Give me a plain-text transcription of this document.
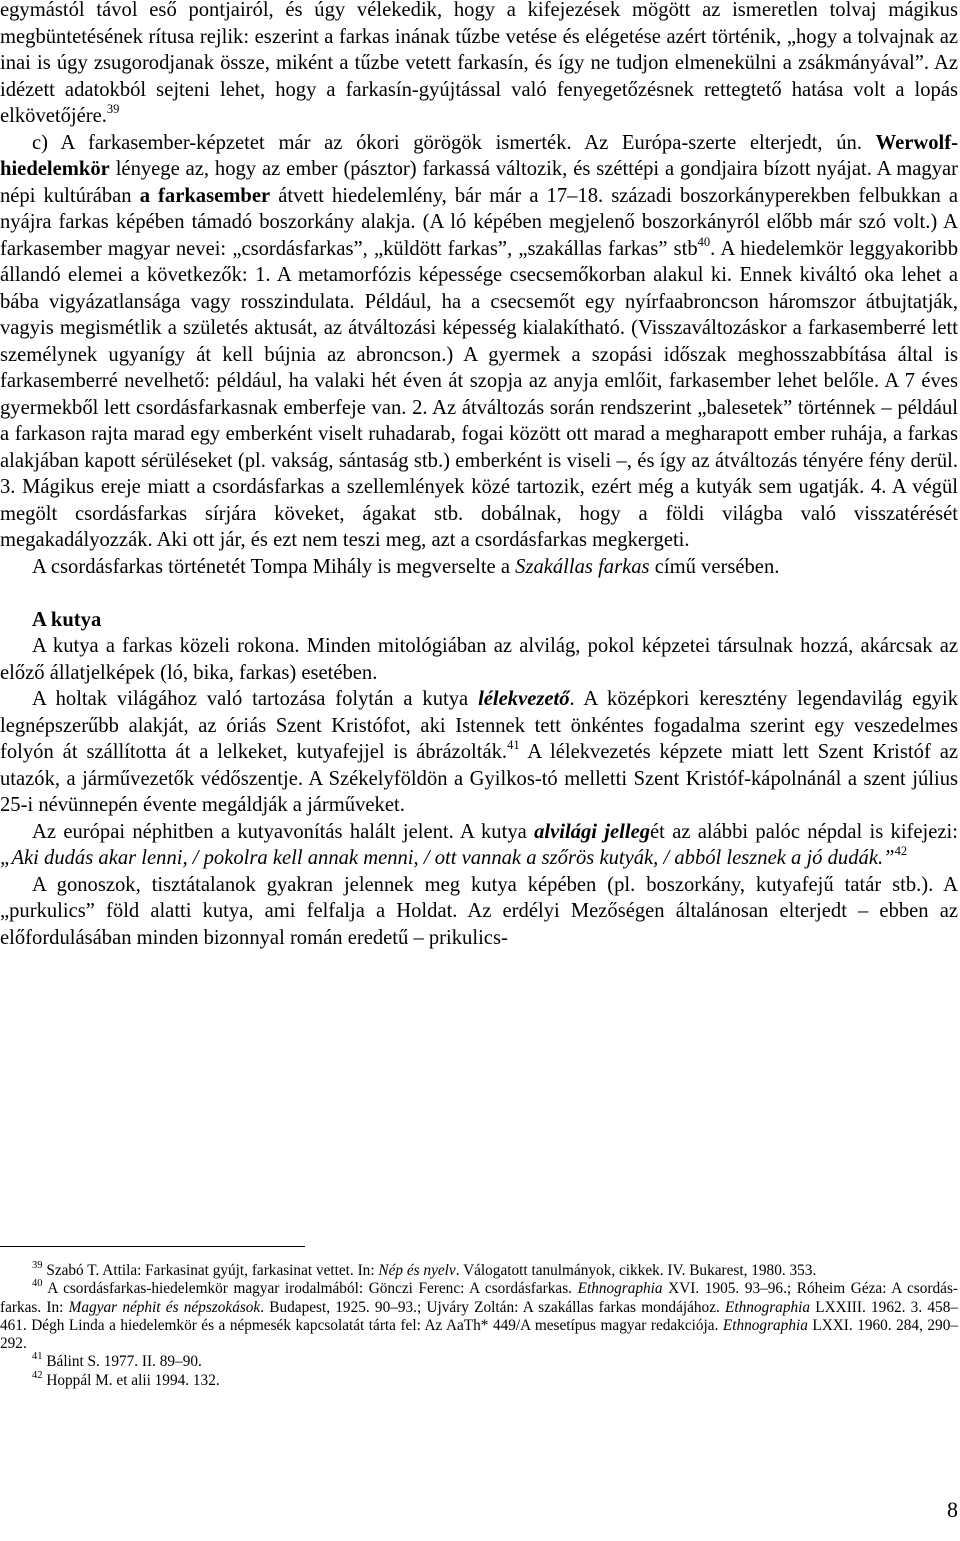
egymástól távol eső pontjairól, és úgy vélekedik, hogy a kifejezések mögött az ismeretlen tolvaj mágikus megbüntetésének rítusa rejlik: eszerint a farkas inának tűzbe vetése és elégetése azért történik, „hogy a tolvajnak az inai is úgy zsugorodjanak össze, miként a tűzbe vetett farkasín, és így ne tudjon elmenekülni a zsákmányával”. Az idézett adatokból sejteni lehet, hogy a farkasín-gyújtással való fenyegetőzésnek rettegtető hatása volt a lopás elkövetőjére.$^{39}$

c) A farkasember-képzetet már az ókori görögök ismerték. Az Európa-szerte elterjedt, ún. Werwolf-hiedelemkör lényege az, hogy az ember (pásztor) farkassá változik, és széttépi a gondjaira bízott nyájat. A magyar népi kultúrában a farkasember átvett hiedelemlény, bár már a 17–18. századi boszorkányperekben felbukkan a nyájra farkas képében támadó boszorkány alakja. (A ló képében megjelenő boszorkányról előbb már szó volt.) A farkasember magyar nevei: „csordásfarkas”, „küldött farkas”, „szakállas farkas” stb$^{40}$. A hiedelemkör leggyakoribb állandó elemei a következők: 1. A metamorfózis képessége csecsemőkorban alakul ki. Ennek kiváltó oka lehet a bába vigyázatlansága vagy rosszindulata. Például, ha a csecsemőt egy nyírfaabroncson háromszor átbujtatják, vagyis megismétlik a születés aktusát, az átváltozási képesség kialakítható. (Visszaváltozáskor a farkasemberré lett személynek ugyanígy át kell bújnia az abroncson.) A gyermek a szopási időszak meghosszabbítása által is farkasemberré nevelhető: például, ha valaki hét éven át szopja az anyja emlőit, farkasember lehet belőle. A 7 éves gyermekből lett csordásfarkasnak emberfeje van. 2. Az átváltozás során rendszerint „balesetek” történnek – például a farkason rajta marad egy emberként viselt ruhadarab, fogai között ott marad a megharapott ember ruhája, a farkas alakjában kapott sérüléseket (pl. vakság, sántaság stb.) emberként is viseli –, és így az átváltozás tényére fény derül. 3. Mágikus ereje miatt a csordásfarkas a szellemlények közé tartozik, ezért még a kutyák sem ugatják. 4. A végül megölt csordásfarkas sírjára köveket, ágakat stb. dobálnak, hogy a földi világba való visszatérését megakadályozzák. Aki ott jár, és ezt nem teszi meg, azt a csordásfarkas megkergeti.

A csordásfarkas történetét Tompa Mihály is megverselte a Szakállas farkas című versében.

A kutya

A kutya a farkas közeli rokona. Minden mitológiában az alvilág, pokol képzetei társulnak hozzá, akárcsak az előző állatjelképek (ló, bika, farkas) esetében.

A holtak világához való tartozása folytán a kutya lélekvezető. A középkori keresztény legendavilág egyik legnépszerűbb alakját, az óriás Szent Kristófot, aki Istennek tett önkéntes fogadalma szerint egy veszedelmes folyón át szállította át a lelkeket, kutyafejjel is ábrázolták.$^{41}$ A lélekvezetés képzete miatt lett Szent Kristóf az utazók, a járművezetők védőszentje. A Székelyföldön a Gyilkos-tó melletti Szent Kristóf-kápolnánál a szent július 25-i névünnepén évente megáldják a járműveket.

Az európai néphitben a kutyavonítás halált jelent. A kutya alvilági jellegét az alábbi palóc népdal is kifejezi: „Aki dudás akar lenni, / pokolra kell annak menni, / ott vannak a szőrös kutyák, / abból lesznek a jó dudák.”$^{42}$

A gonoszok, tisztátalanok gyakran jelennek meg kutya képében (pl. boszorkány, kutyafejű tatár stb.). A „purkulics” föld alatti kutya, ami felfalja a Holdat. Az erdélyi Mezőségen általánosan elterjedt – ebben az előfordulásában minden bizonnyal román eredetű – prikulics-

$^{39}$ Szabó T. Attila: Farkasinat gyújt, farkasinat vettet. In: Nép és nyelv. Válogatott tanulmányok, cikkek. IV. Bukarest, 1980. 353.

$^{40}$ A csordásfarkas-hiedelemkör magyar irodalmából: Gönczi Ferenc: A csordásfarkas. Ethnographia XVI. 1905. 93–96.; Róheim Géza: A csordás-farkas. In: Magyar néphit és népszokások. Budapest, 1925. 90–93.; Ujváry Zoltán: A szakállas farkas mondájához. Ethnographia LXXIII. 1962. 3. 458–461. Dégh Linda a hiedelemkör és a népmesék kapcsolatát tárta fel: Az AaTh* 449/A mesetípus magyar redakciója. Ethnographia LXXI. 1960. 284, 290–292.

$^{41}$ Bálint S. 1977. II. 89–90.

$^{42}$ Hoppál M. et alii 1994. 132.

8
